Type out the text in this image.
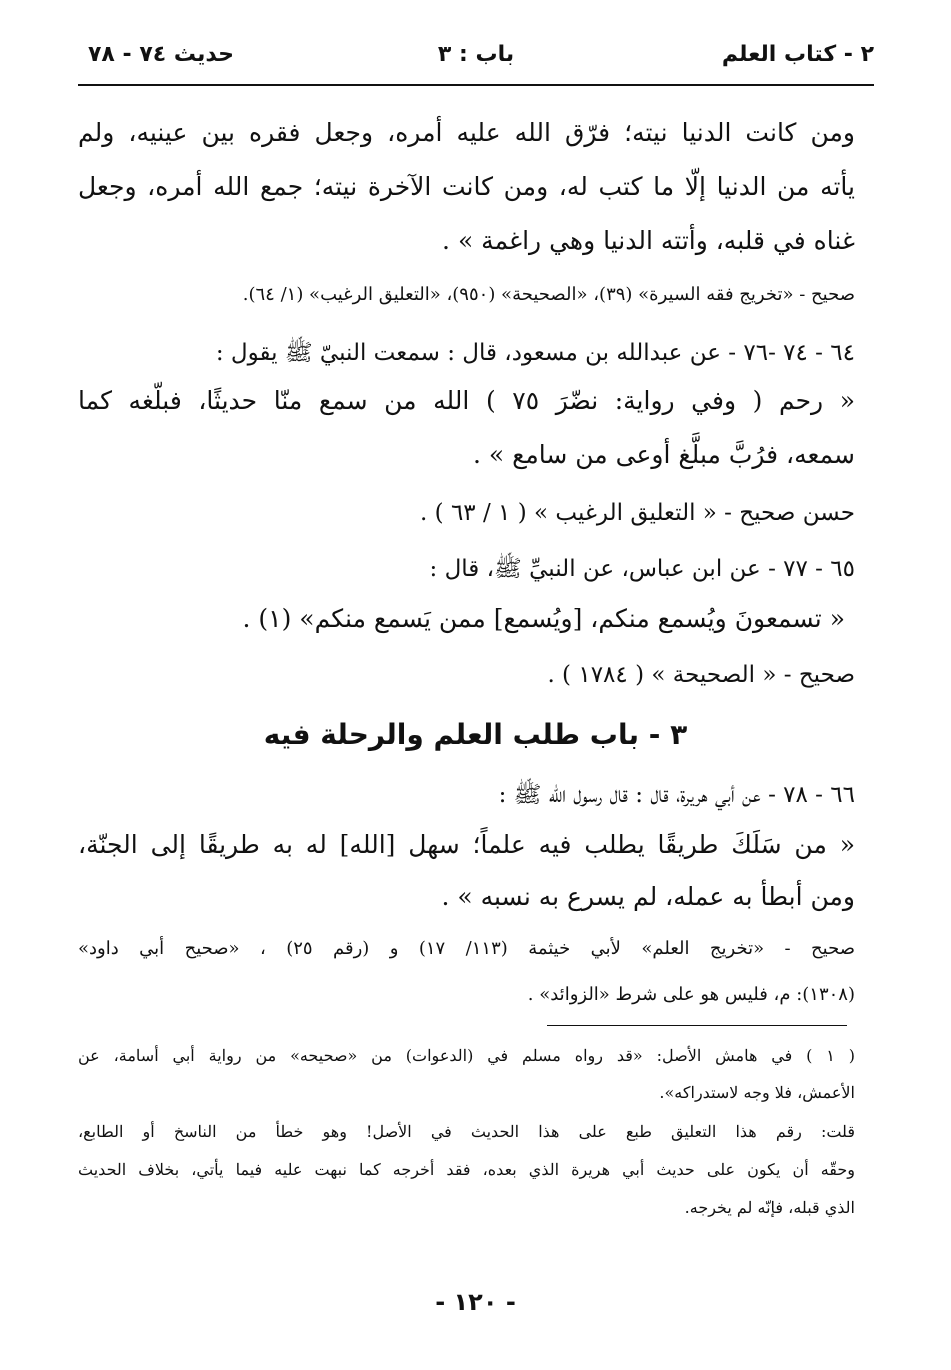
٢ - كتاب العلم
باب : ٣
حديث ٧٤ - ٧٨
ومن كانت الدنيا نيته؛ فرّق الله عليه أمره، وجعل فقره بين عينيه، ولم
يأته من الدنيا إلّا ما كتب له، ومن كانت الآخرة نيته؛ جمع الله أمره، وجعل
غناه في قلبه، وأتته الدنيا وهي راغمة » .
صحيح - «تخريج فقه السيرة» (٣٩)، «الصحيحة» (٩٥٠)، «التعليق الرغيب» (١/ ٦٤).
٦٤ - ٧٤ -٧٦ - عن عبدالله بن مسعود، قال : سمعت النبيّ ﷺ يقول :
« رحم ( وفي رواية: نضّرَ ٧٥ ) الله من سمع منّا حديثًا، فبلّغه كما
سمعه، فرُبَّ مبلَّغ أوعى من سامع » .
حسن صحيح - « التعليق الرغيب » ( ١ / ٦٣ ) .
٦٥ - ٧٧ - عن ابن عباس، عن النبيِّ ﷺ، قال :
« تسمعونَ ويُسمع منكم، [ويُسمع] ممن يَسمع منكم» (١) .
صحيح - « الصحيحة » ( ١٧٨٤ ) .
٣ - باب طلب العلم والرحلة فيه
٦٦ - ٧٨ - عن أبي هريرة، قال : قال رسول الله ﷺ :
« من سَلَكَ طريقًا يطلب فيه علماً؛ سهل [الله] له به طريقًا إلى الجنّة،
ومن أبطأ به عمله، لم يسرع به نسبه » .
صحيح - «تخريج العلم» لأبي خيثمة (١١٣/ ١٧) و (رقم ٢٥) ، «صحيح أبي داود»
(١٣٠٨): م، فليس هو على شرط «الزوائد» .
( ١ ) في هامش الأصل: «قد رواه مسلم في (الدعوات) من «صحيحه» من رواية أبي أسامة، عن
الأعمش، فلا وجه لاستدراكه».
قلت: رقم هذا التعليق طبع على هذا الحديث في الأصل! وهو خطأ من الناسخ أو الطابع،
وحقّه أن يكون على حديث أبي هريرة الذي بعده، فقد أخرجه كما نبهت عليه فيما يأتي، بخلاف الحديث
الذي قبله، فإنّه لم يخرجه.
- ١٢٠ -
